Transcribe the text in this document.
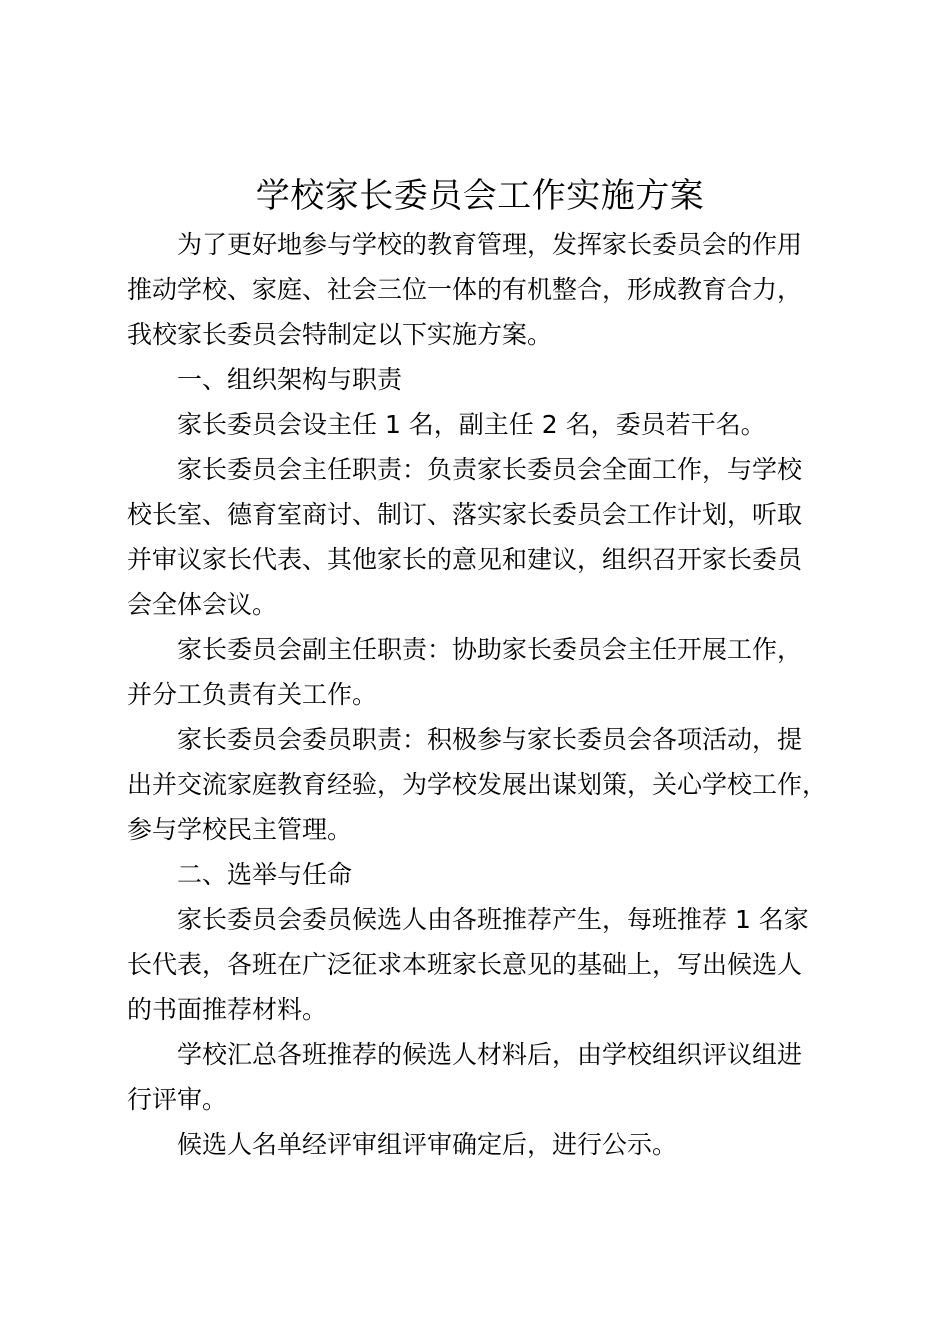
学校家长委员会工作实施方案

为了更好地参与学校的教育管理，发挥家长委员会的作用
推动学校、家庭、社会三位一体的有机整合，形成教育合力，
我校家长委员会特制定以下实施方案。

一、组织架构与职责

家长委员会设主任 1 名，副主任 2 名，委员若干名。

家长委员会主任职责：负责家长委员会全面工作，与学校
校长室、德育室商讨、制订、落实家长委员会工作计划，听取
并审议家长代表、其他家长的意见和建议，组织召开家长委员
会全体会议。

家长委员会副主任职责：协助家长委员会主任开展工作，
并分工负责有关工作。

家长委员会委员职责：积极参与家长委员会各项活动，提
出并交流家庭教育经验，为学校发展出谋划策，关心学校工作，
参与学校民主管理。

二、选举与任命

家长委员会委员候选人由各班推荐产生，每班推荐 1 名家
长代表，各班在广泛征求本班家长意见的基础上，写出候选人
的书面推荐材料。

学校汇总各班推荐的候选人材料后，由学校组织评议组进
行评审。

候选人名单经评审组评审确定后，进行公示。
